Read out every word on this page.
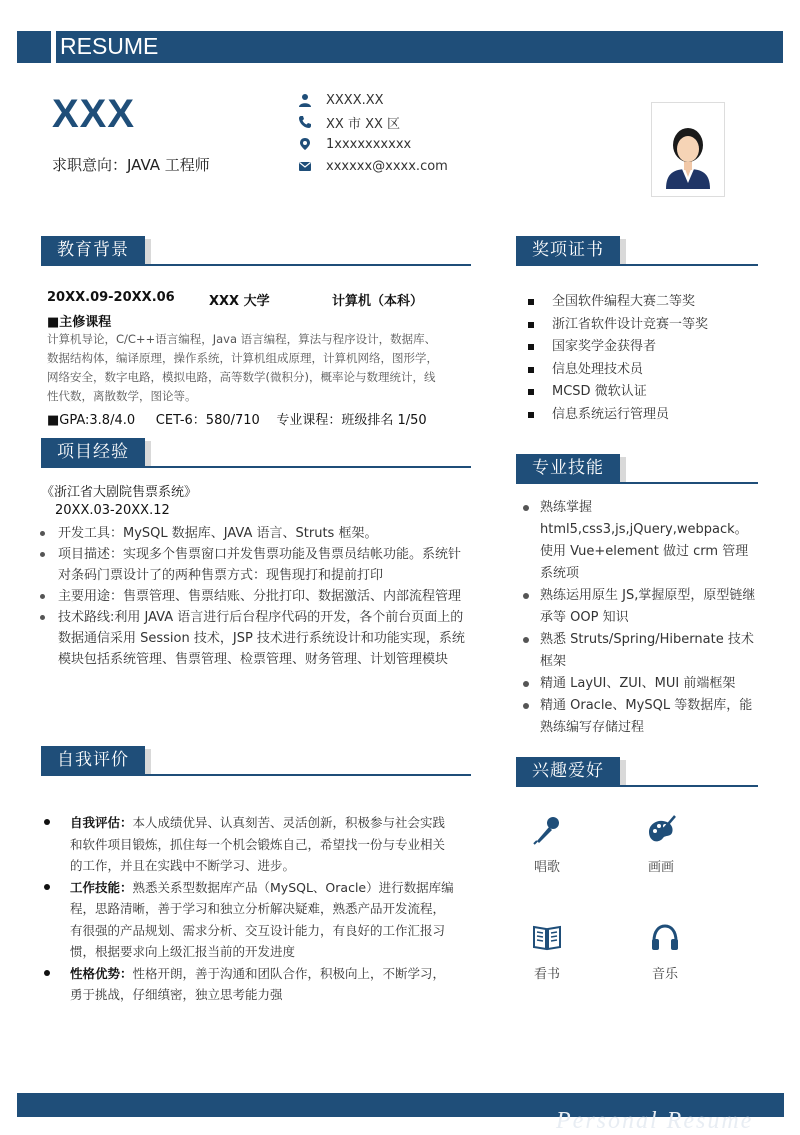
RESUME
XXX
求职意向：JAVA 工程师
XXXX.XX
XX 市 XX 区
1xxxxxxxxxx
xxxxxx@xxxx.com
教育背景
20XX.09-20XX.06	XXX 大学	计算机（本科）
■主修课程
计算机导论，C/C++语言编程，Java 语言编程，算法与程序设计，数据库、
数据结构体，编译原理，操作系统，计算机组成原理，计算机网络，图形学，
网络安全，数字电路，模拟电路，高等数学(微积分)，概率论与数理统计，线
性代数，离散数学，图论等。
■GPA:3.8/4.0     CET-6：580/710    专业课程：班级排名 1/50
项目经验
《浙江省大剧院售票系统》
20XX.03-20XX.12
开发工具：MySQL 数据库、JAVA 语言、Struts 框架。
项目描述：实现多个售票窗口并发售票功能及售票员结帐功能。系统针对条码门票设计了的两种售票方式：现售现打和提前打印
主要用途：售票管理、售票结账、分批打印、数据激活、内部流程管理
技术路线:利用 JAVA 语言进行后台程序代码的开发，各个前台页面上的数据通信采用 Session 技术，JSP 技术进行系统设计和功能实现，系统模块包括系统管理、售票管理、检票管理、财务管理、计划管理模块
自我评价
自我评估：本人成绩优异、认真刻苦、灵活创新，积极参与社会实践和软件项目锻炼，抓住每一个机会锻炼自己，希望找一份与专业相关的工作，并且在实践中不断学习、进步。
工作技能：熟悉关系型数据库产品（MySQL、Oracle）进行数据库编程，思路清晰，善于学习和独立分析解决疑难，熟悉产品开发流程，有很强的产品规划、需求分析、交互设计能力，有良好的工作汇报习惯，根据要求向上级汇报当前的开发进度
性格优势：性格开朗，善于沟通和团队合作，积极向上，不断学习，勇于挑战，仔细缜密，独立思考能力强
奖项证书
全国软件编程大赛二等奖
浙江省软件设计竞赛一等奖
国家奖学金获得者
信息处理技术员
MCSD 微软认证
信息系统运行管理员
专业技能
熟练掌握 html5,css3,js,jQuery,webpack。使用 Vue+element 做过 crm 管理系统项
熟练运用原生 JS,掌握原型，原型链继承等 OOP 知识
熟悉 Struts/Spring/Hibernate 技术框架
精通 LayUI、ZUI、MUI 前端框架
精通 Oracle、MySQL 等数据库，能熟练编写存储过程
兴趣爱好
唱歌	画画
看书	音乐
Personal Resume
